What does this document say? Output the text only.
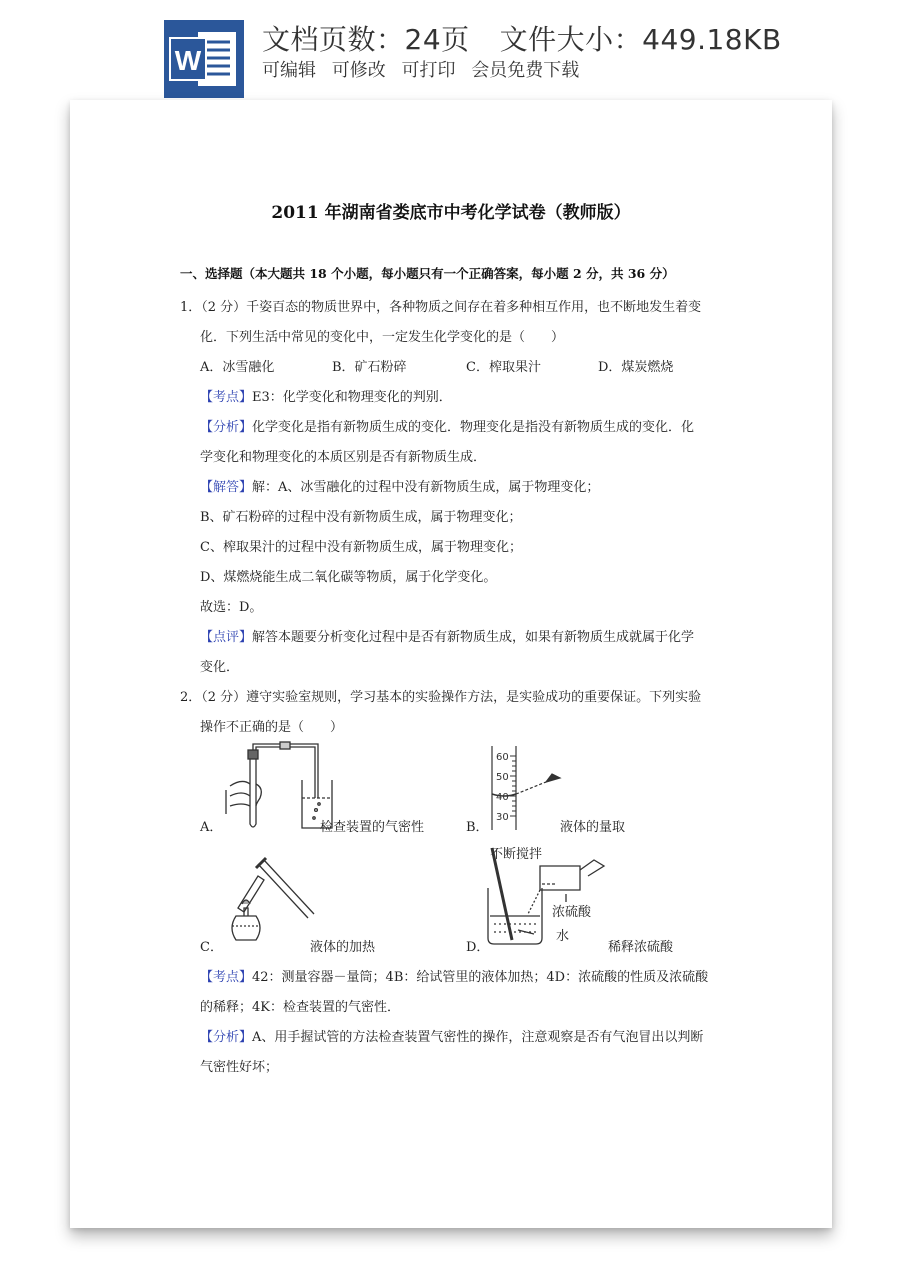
W
文档页数：24页 文件大小：449.18KB
可编辑 可修改 可打印 会员免费下载
2011 年湖南省娄底市中考化学试卷（教师版）
一、选择题（本大题共 18 个小题，每小题只有一个正确答案，每小题 2 分，共 36 分）
1．（2 分）千姿百态的物质世界中，各种物质之间存在着多种相互作用，也不断地发生着变
化．下列生活中常见的变化中，一定发生化学变化的是（　　）
A．冰雪融化	B．矿石粉碎	C．榨取果汁	D．煤炭燃烧
【考点】E3：化学变化和物理变化的判别．
【分析】化学变化是指有新物质生成的变化．物理变化是指没有新物质生成的变化．化
学变化和物理变化的本质区别是否有新物质生成．
【解答】解：A、冰雪融化的过程中没有新物质生成，属于物理变化；
B、矿石粉碎的过程中没有新物质生成，属于物理变化；
C、榨取果汁的过程中没有新物质生成，属于物理变化；
D、煤燃烧能生成二氧化碳等物质，属于化学变化。
故选：D。
【点评】解答本题要分析变化过程中是否有新物质生成，如果有新物质生成就属于化学
变化．
2．（2 分）遵守实验室规则，学习基本的实验操作方法，是实验成功的重要保证。下列实验
操作不正确的是（　　）
A．	检查装置的气密性	B．
60
50
40
30
液体的量取
C．	液体的加热	D．
不断搅拌
浓硫酸
水
稀释浓硫酸
【考点】42：测量容器－量筒；4B：给试管里的液体加热；4D：浓硫酸的性质及浓硫酸
的稀释；4K：检查装置的气密性．
【分析】A、用手握试管的方法检查装置气密性的操作，注意观察是否有气泡冒出以判断
气密性好坏；
